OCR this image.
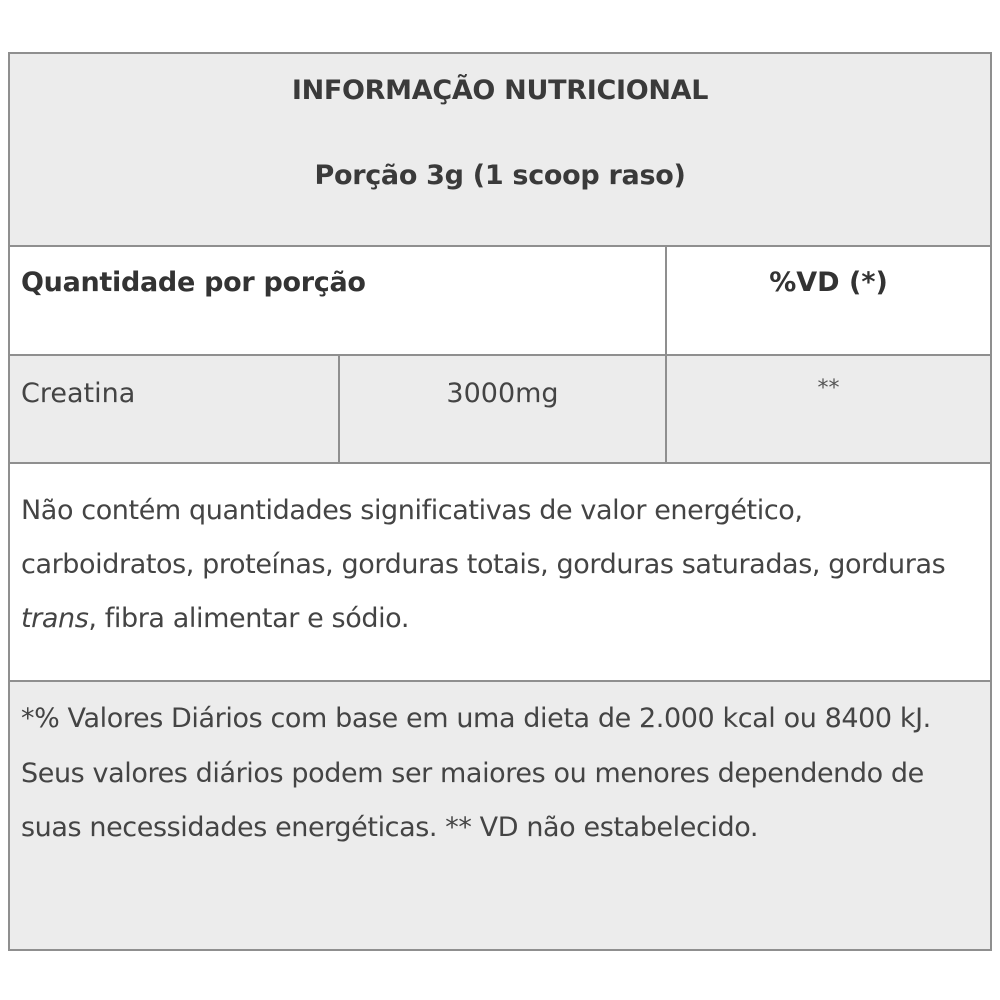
INFORMAÇÃO NUTRICIONAL
Porção 3g (1 scoop raso)
Quantidade por porção	%VD (*)
Creatina	3000mg	**
Não contém quantidades significativas de valor energético, carboidratos, proteínas, gorduras totais, gorduras saturadas, gorduras trans, fibra alimentar e sódio.
*% Valores Diários com base em uma dieta de 2.000 kcal ou 8400 kJ. Seus valores diários podem ser maiores ou menores dependendo de suas necessidades energéticas. ** VD não estabelecido.
